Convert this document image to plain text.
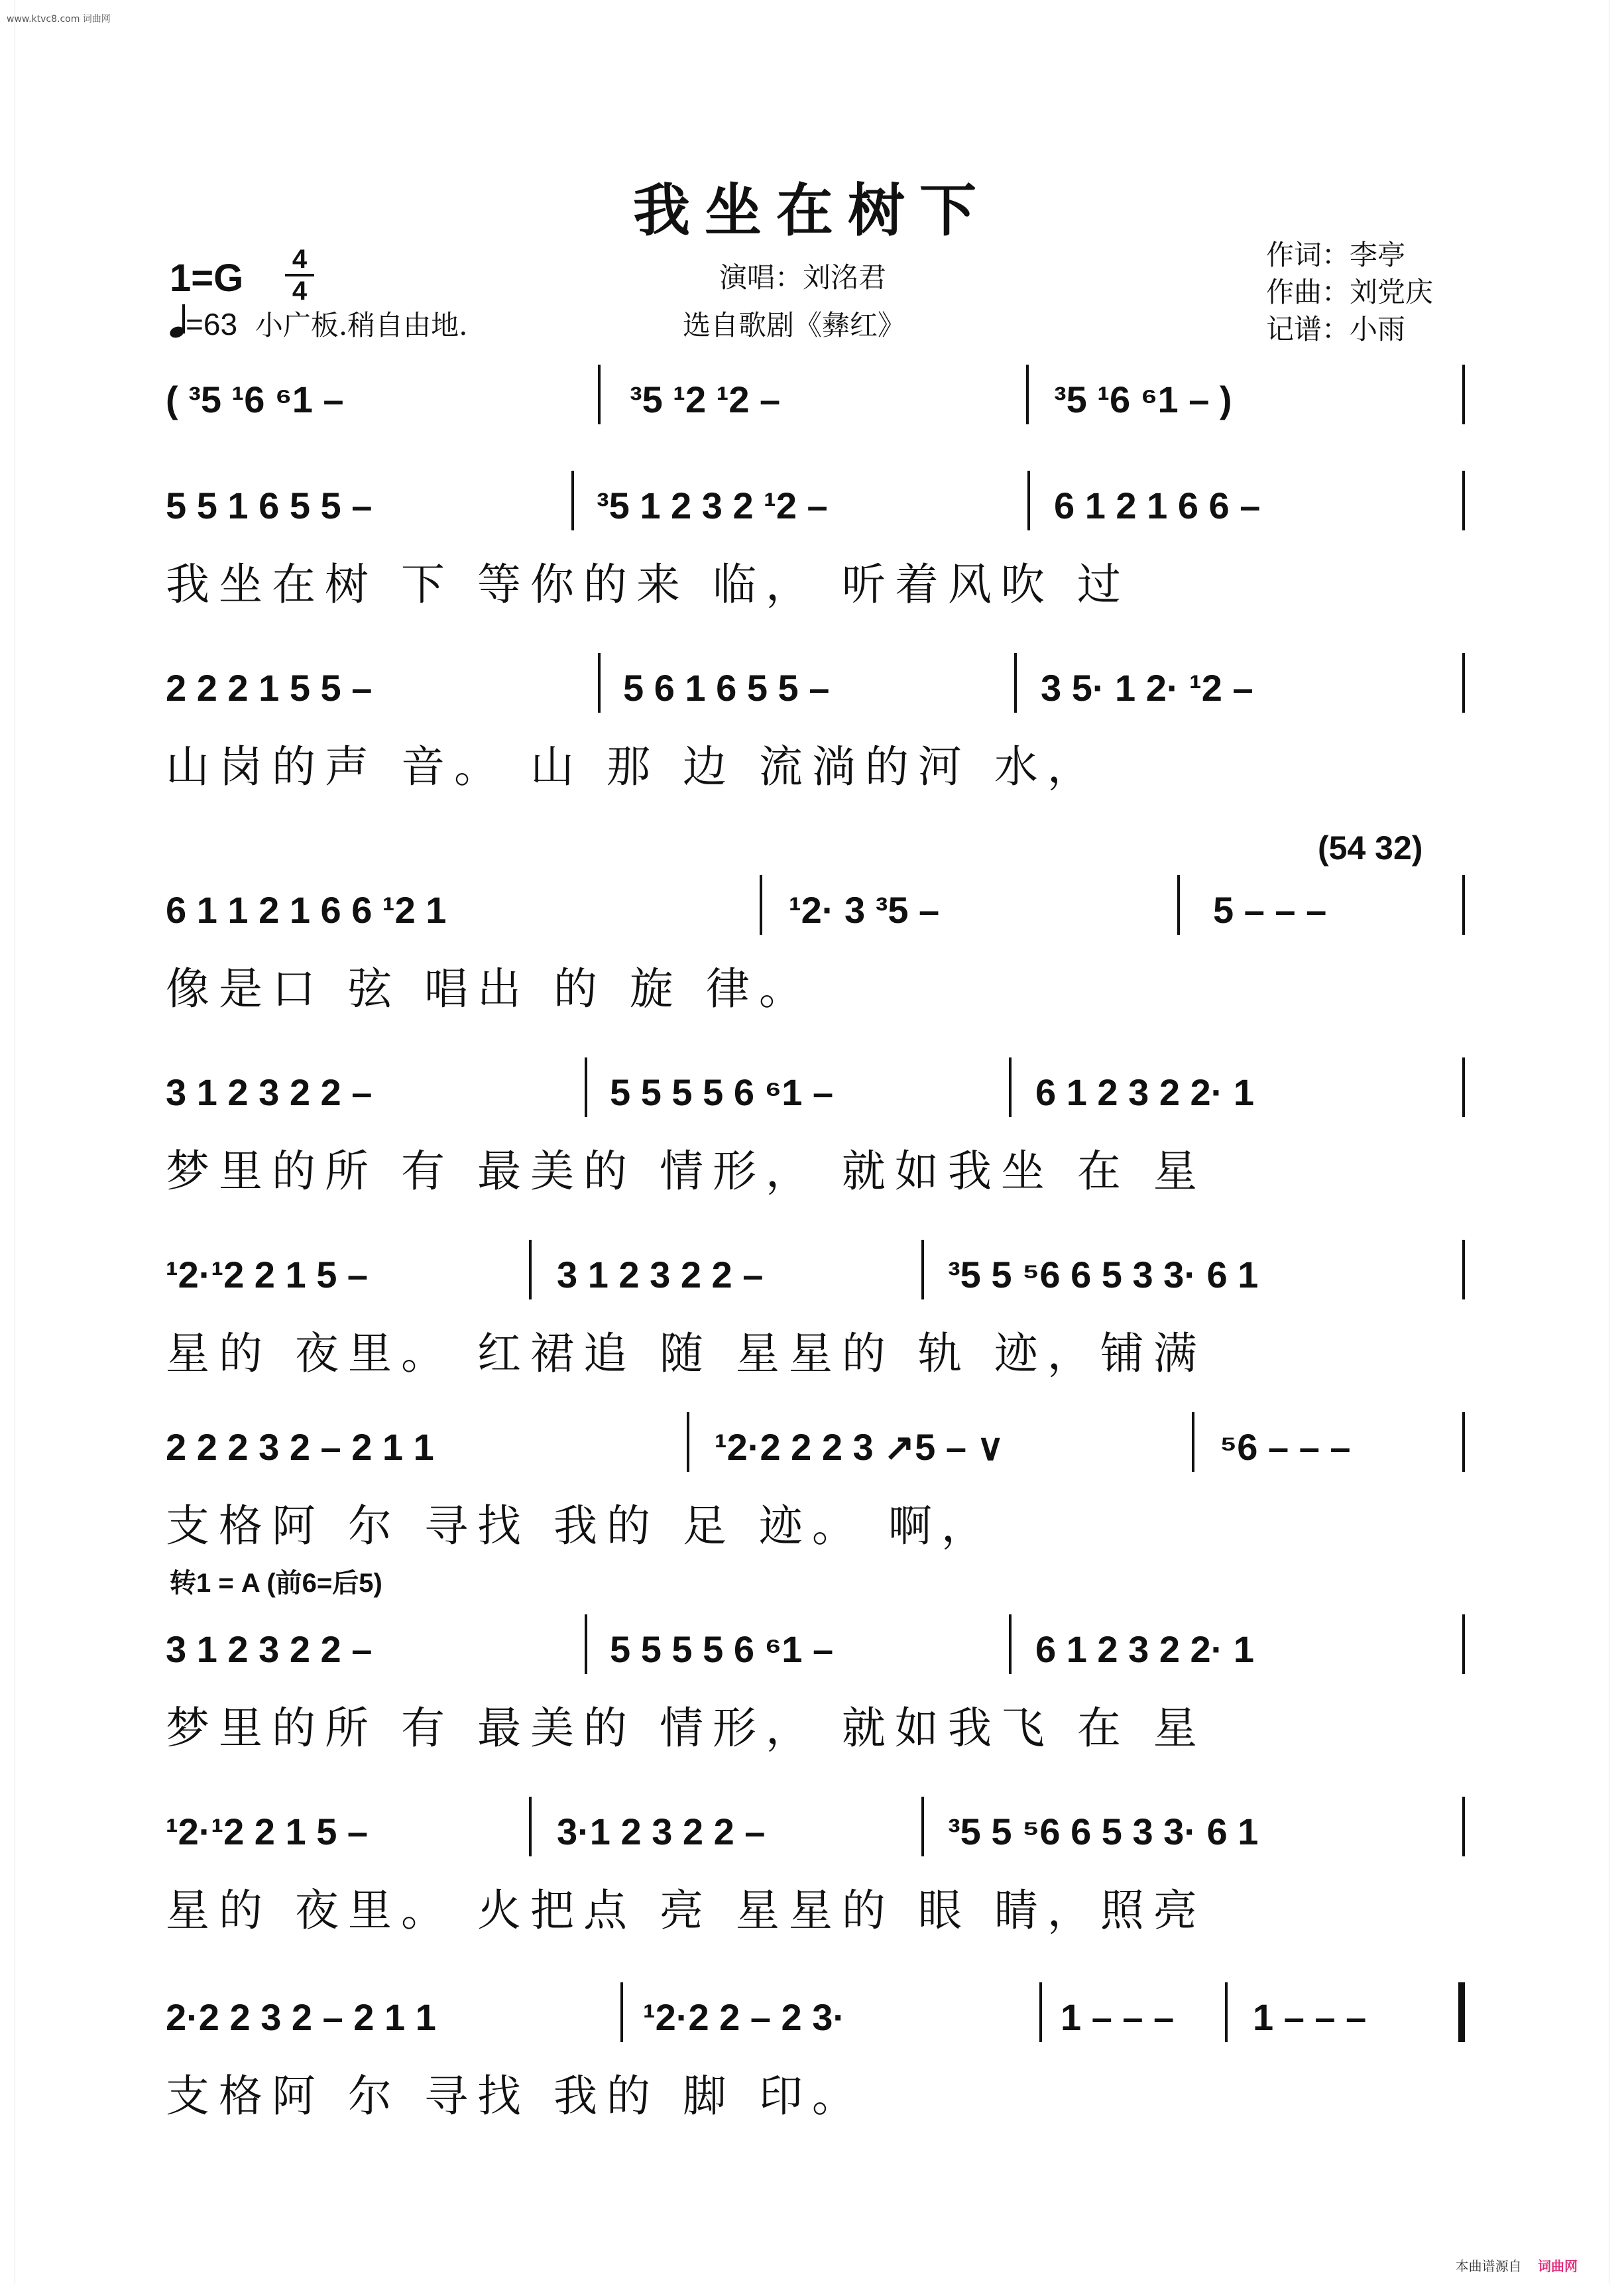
www.ktvc8.com 词曲网
我坐在树下
1=G 4
4
=63 小广板.稍自由地.
演唱：刘洺君
选自歌剧《彝红》
作词：李亭
作曲：刘党庆
记谱：小雨
( ³5 ¹6 ⁶1 –	³5 ¹2 ¹2 –	³5 ¹6 ⁶1 – )
5 5 1 6 5 5 –	³5 1 2 3 2 ¹2 –	6 1 2 1 6 6 –
我坐在树 下 等你的来 临， 听着风吹 过
2 2 2 1 5 5 –	5 6 1 6 5 5 –	3 5· 1 2· ¹2 –
山岗的声 音。 山 那 边 流淌的河 水，
(54 32)
6 1 1 2 1 6 6 ¹2 1	¹2· 3 ³5 –	5 – – –
像是口 弦 唱出 的 旋 律。
3 1 2 3 2 2 –	5 5 5 5 6 ⁶1 –	6 1 2 3 2 2· 1
梦里的所 有 最美的 情形， 就如我坐 在 星
¹2·¹2 2 1 5 –	3 1 2 3 2 2 –	³5 5 ⁵6 6 5 3 3· 6 1
星的 夜里。 红裙追 随 星星的 轨 迹，铺满
2 2 2 3 2 – 2 1 1	¹2·2 2 2 3 ↗5 – ∨	⁵6 – – –
支格阿 尔 寻找 我的 足 迹。 啊，
转1 = A (前6=后5)
3 1 2 3 2 2 –	5 5 5 5 6 ⁶1 –	6 1 2 3 2 2· 1
梦里的所 有 最美的 情形， 就如我飞 在 星
¹2·¹2 2 1 5 –	3·1 2 3 2 2 –	³5 5 ⁵6 6 5 3 3· 6 1
星的 夜里。 火把点 亮 星星的 眼 睛，照亮
2·2 2 3 2 – 2 1 1	¹2·2 2 – 2 3·	1 – – – 1 – – –
支格阿 尔 寻找 我的 脚 印。
本曲谱源自 词曲网
